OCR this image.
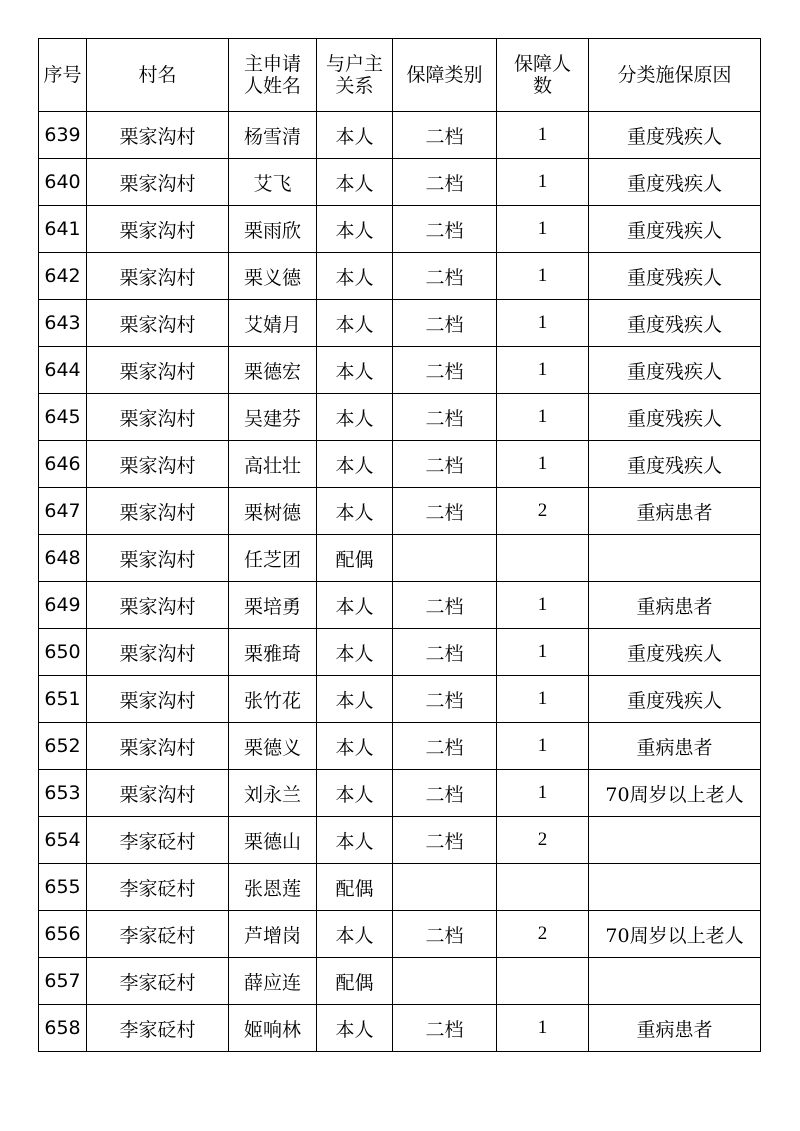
序号	村名	主申请人姓名	与户主关系	保障类别	保障人数	分类施保原因
639	栗家沟村	杨雪清	本人	二档	1	重度残疾人
640	栗家沟村	艾飞	本人	二档	1	重度残疾人
641	栗家沟村	栗雨欣	本人	二档	1	重度残疾人
642	栗家沟村	栗义德	本人	二档	1	重度残疾人
643	栗家沟村	艾婧月	本人	二档	1	重度残疾人
644	栗家沟村	栗德宏	本人	二档	1	重度残疾人
645	栗家沟村	吴建芬	本人	二档	1	重度残疾人
646	栗家沟村	高壮壮	本人	二档	1	重度残疾人
647	栗家沟村	栗树德	本人	二档	2	重病患者
648	栗家沟村	任芝团	配偶			
649	栗家沟村	栗培勇	本人	二档	1	重病患者
650	栗家沟村	栗雅琦	本人	二档	1	重度残疾人
651	栗家沟村	张竹花	本人	二档	1	重度残疾人
652	栗家沟村	栗德义	本人	二档	1	重病患者
653	栗家沟村	刘永兰	本人	二档	1	70周岁以上老人
654	李家砭村	栗德山	本人	二档	2	
655	李家砭村	张恩莲	配偶			
656	李家砭村	芦增岗	本人	二档	2	70周岁以上老人
657	李家砭村	薛应连	配偶			
658	李家砭村	姬响林	本人	二档	1	重病患者
